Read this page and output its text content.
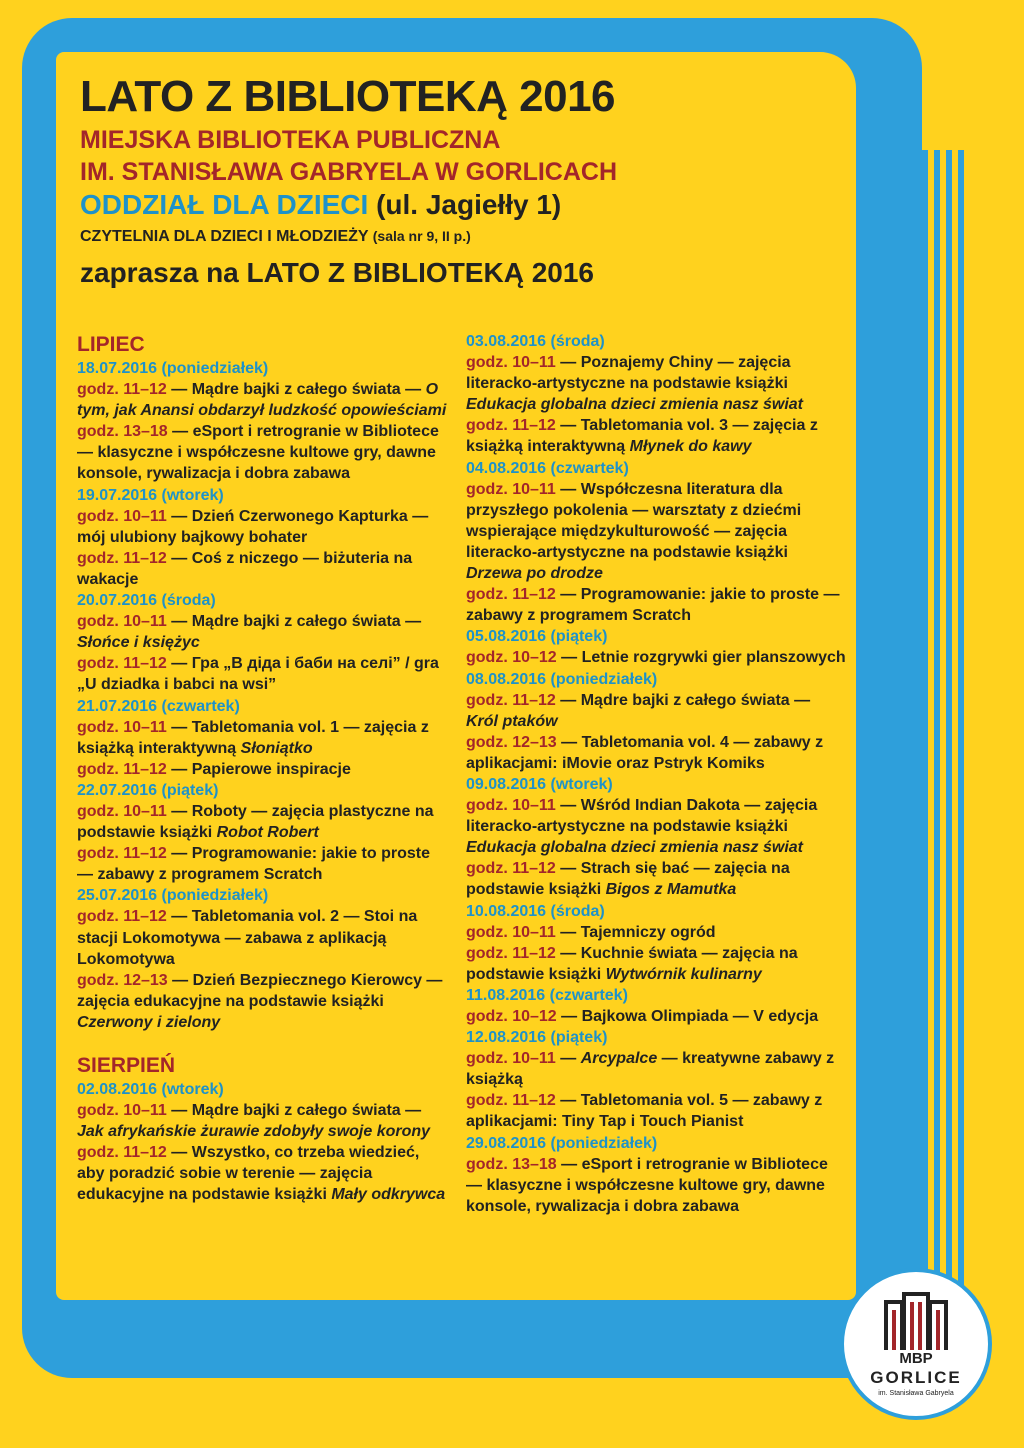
LATO Z BIBLIOTEKĄ 2016

MIEJSKA BIBLIOTEKA PUBLICZNA

IM. STANISŁAWA GABRYELA W GORLICACH

ODDZIAŁ DLA DZIECI (ul. Jagiełły 1)

CZYTELNIA DLA DZIECI I MŁODZIEŻY (sala nr 9, II p.)

zaprasza na LATO Z BIBLIOTEKĄ 2016

LIPIEC

18.07.2016 (poniedziałek)
godz. 11–12 — Mądre bajki z całego świata — O tym, jak Anansi obdarzył ludzkość opowieściami
godz. 13–18 — eSport i retrogranie w Bibliotece — klasyczne i współczesne kultowe gry, dawne konsole, rywalizacja i dobra zabawa
19.07.2016 (wtorek)
godz. 10–11 — Dzień Czerwonego Kapturka — mój ulubiony bajkowy bohater
godz. 11–12 — Coś z niczego — biżuteria na wakacje
20.07.2016 (środa)
godz. 10–11 — Mądre bajki z całego świata — Słońce i księżyc
godz. 11–12 — Гра „В діда і баби на селі” / gra „U dziadka i babci na wsi”
21.07.2016 (czwartek)
godz. 10–11 — Tabletomania vol. 1 — zajęcia z książką interaktywną Słoniątko
godz. 11–12 — Papierowe inspiracje
22.07.2016 (piątek)
godz. 10–11 — Roboty — zajęcia plastyczne na podstawie książki Robot Robert
godz. 11–12 — Programowanie: jakie to proste — zabawy z programem Scratch
25.07.2016 (poniedziałek)
godz. 11–12 — Tabletomania vol. 2 — Stoi na stacji Lokomotywa — zabawa z aplikacją Lokomotywa
godz. 12–13 — Dzień Bezpiecznego Kierowcy — zajęcia edukacyjne na podstawie książki Czerwony i zielony

SIERPIEŃ

02.08.2016 (wtorek)
godz. 10–11 — Mądre bajki z całego świata — Jak afrykańskie żurawie zdobyły swoje korony
godz. 11–12 — Wszystko, co trzeba wiedzieć, aby poradzić sobie w terenie — zajęcia edukacyjne na podstawie książki Mały odkrywca
03.08.2016 (środa)
godz. 10–11 — Poznajemy Chiny — zajęcia literacko-artystyczne na podstawie książki Edukacja globalna dzieci zmienia nasz świat
godz. 11–12 — Tabletomania vol. 3 — zajęcia z książką interaktywną Młynek do kawy
04.08.2016 (czwartek)
godz. 10–11 — Współczesna literatura dla przyszłego pokolenia — warsztaty z dziećmi wspierające międzykulturowość — zajęcia literacko-artystyczne na podstawie książki Drzewa po drodze
godz. 11–12 — Programowanie: jakie to proste — zabawy z programem Scratch
05.08.2016 (piątek)
godz. 10–12 — Letnie rozgrywki gier planszowych
08.08.2016 (poniedziałek)
godz. 11–12 — Mądre bajki z całego świata — Król ptaków
godz. 12–13 — Tabletomania vol. 4 — zabawy z aplikacjami: iMovie oraz Pstryk Komiks
09.08.2016 (wtorek)
godz. 10–11 — Wśród Indian Dakota — zajęcia literacko-artystyczne na podstawie książki Edukacja globalna dzieci zmienia nasz świat
godz. 11–12 — Strach się bać — zajęcia na podstawie książki Bigos z Mamutka
10.08.2016 (środa)
godz. 10–11 — Tajemniczy ogród
godz. 11–12 — Kuchnie świata — zajęcia na podstawie książki Wytwórnik kulinarny
11.08.2016 (czwartek)
godz. 10–12 — Bajkowa Olimpiada — V edycja
12.08.2016 (piątek)
godz. 10–11 — Arcypalce — kreatywne zabawy z książką
godz. 11–12 — Tabletomania vol. 5 — zabawy z aplikacjami: Tiny Tap i Touch Pianist
29.08.2016 (poniedziałek)
godz. 13–18 — eSport i retrogranie w Bibliotece — klasyczne i współczesne kultowe gry, dawne konsole, rywalizacja i dobra zabawa
MBP
GORLICE
im. Stanisława Gabryela
